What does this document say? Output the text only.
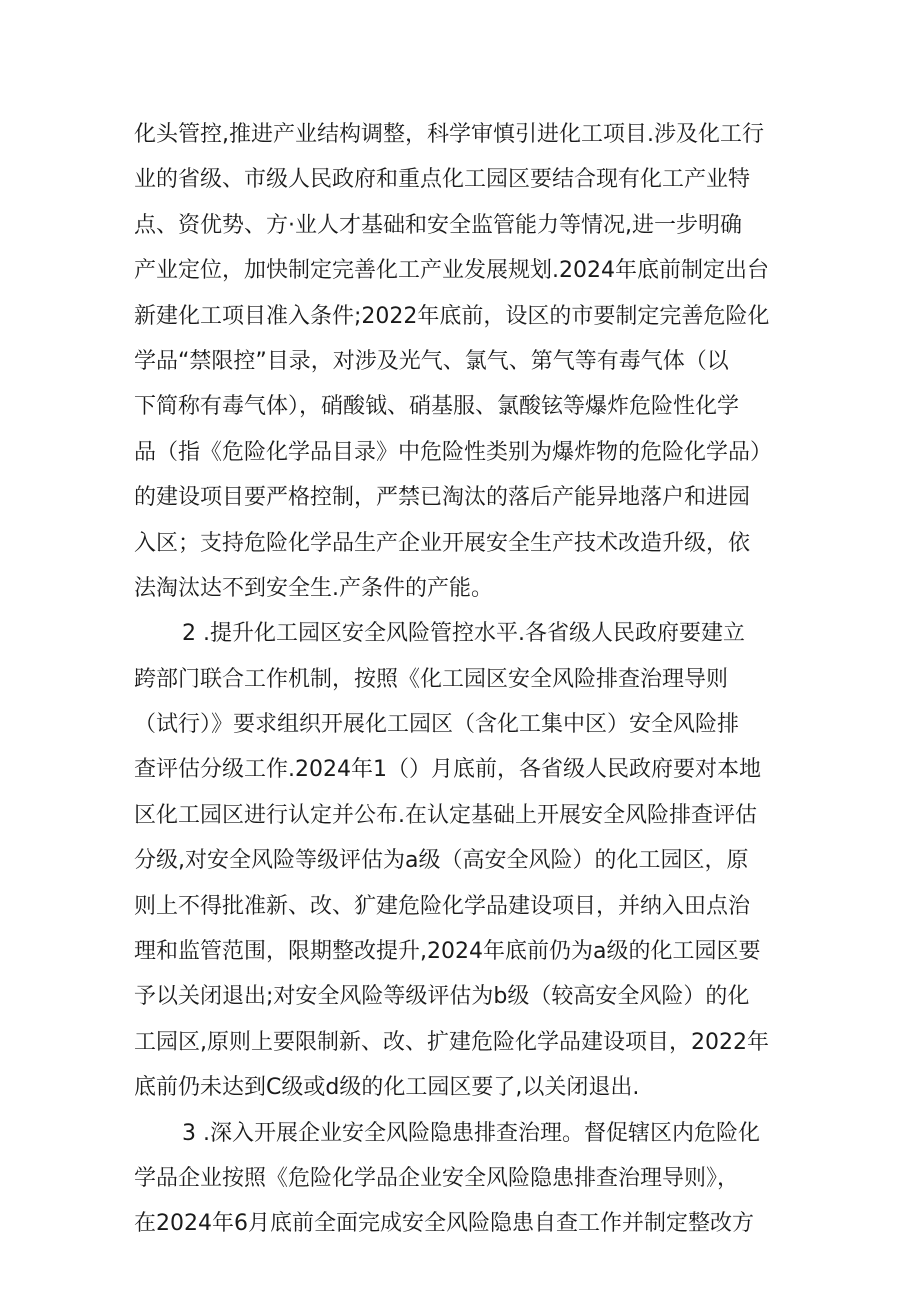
化头管控,推进产业结构调整，科学审慎引进化工项目.涉及化工行
业的省级、市级人民政府和重点化工园区要结合现有化工产业特
点、资优势、方·业人才基础和安全监管能力等情况,进一步明确
产业定位，加快制定完善化工产业发展规划.2024年底前制定出台
新建化工项目准入条件;2022年底前，设区的市要制定完善危险化
学品“禁限控”目录，对涉及光气、氯气、第气等有毒气体（以
下简称有毒气体），硝酸钺、硝基服、氯酸铉等爆炸危险性化学
品（指《危险化学品目录》中危险性类别为爆炸物的危险化学品）
的建设项目要严格控制，严禁已淘汰的落后产能异地落户和进园
入区；支持危险化学品生产企业开展安全生产技术改造升级，依
法淘汰达不到安全生.产条件的产能。
2 .提升化工园区安全风险管控水平.各省级人民政府要建立
跨部门联合工作机制，按照《化工园区安全风险排查治理导则
（试行）》要求组织开展化工园区（含化工集中区）安全风险排
查评估分级工作.2024年1（）月底前，各省级人民政府要对本地
区化工园区进行认定并公布.在认定基础上开展安全风险排查评估
分级,对安全风险等级评估为a级（高安全风险）的化工园区，原
则上不得批准新、改、犷建危险化学品建设项目，并纳入田点治
理和监管范围，限期整改提升,2024年底前仍为a级的化工园区要
予以关闭退出;对安全风险等级评估为b级（较高安全风险）的化
工园区,原则上要限制新、改、扩建危险化学品建设项目，2022年
底前仍未达到C级或d级的化工园区要了,以关闭退出.
3 .深入开展企业安全风险隐患排查治理。督促辖区内危险化
学品企业按照《危险化学品企业安全风险隐患排查治理导则》，
在2024年6月底前全面完成安全风险隐患自查工作并制定整改方
